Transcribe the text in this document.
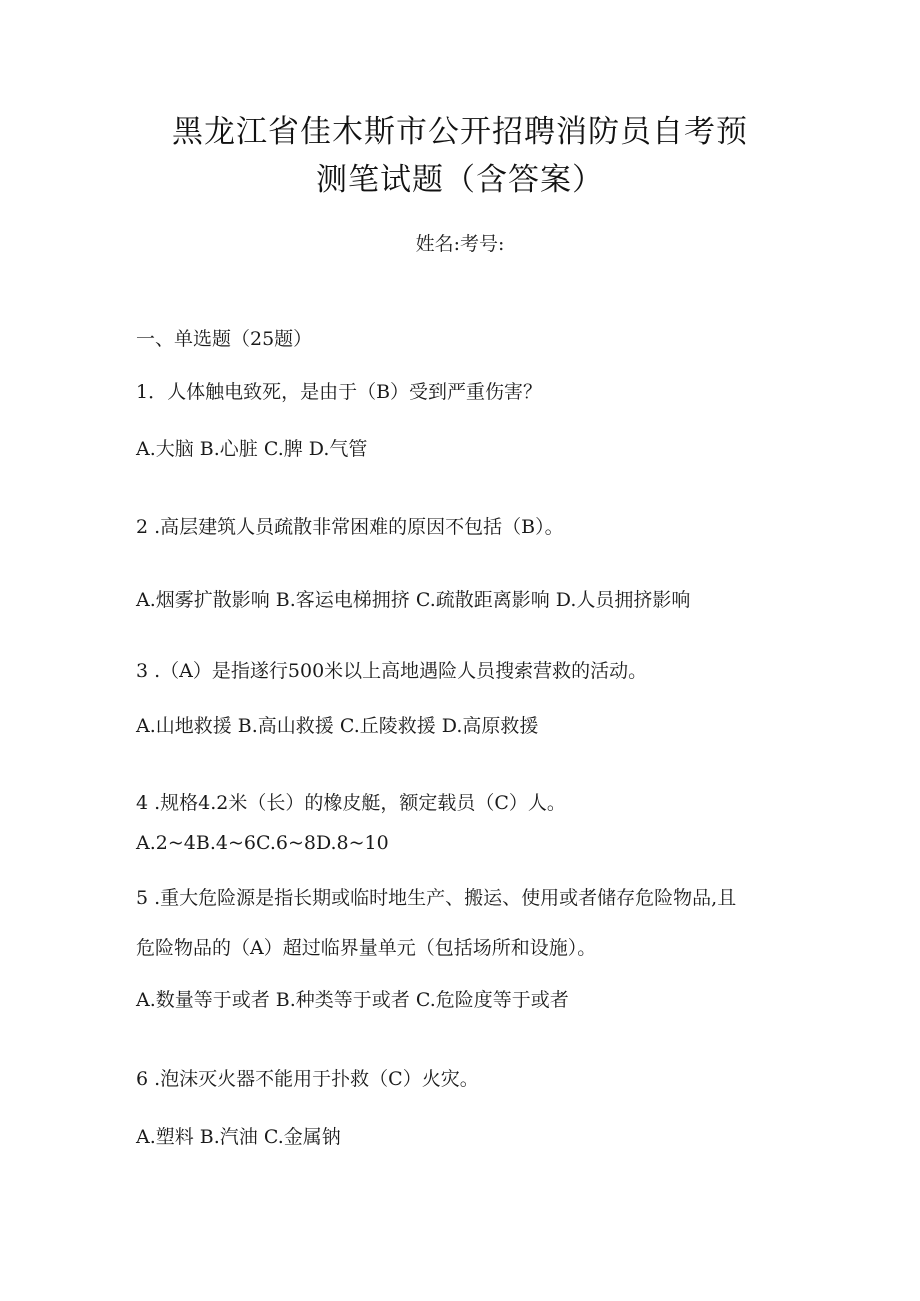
黑龙江省佳木斯市公开招聘消防员自考预
测笔试题（含答案）
姓名:考号:
一、单选题（25题）
1．人体触电致死，是由于（B）受到严重伤害？
A.大脑 B.心脏 C.脾 D.气管
2 .高层建筑人员疏散非常困难的原因不包括（B）。
A.烟雾扩散影响 B.客运电梯拥挤 C.疏散距离影响 D.人员拥挤影响
3 .（A）是指遂行500米以上高地遇险人员搜索营救的活动。
A.山地救援 B.高山救援 C.丘陵救援 D.高原救援
4 .规格4.2米（长）的橡皮艇，额定载员（C）人。
A.2~4B.4~6C.6~8D.8~10
5 .重大危险源是指长期或临时地生产、搬运、使用或者储存危险物品,且
危险物品的（A）超过临界量单元（包括场所和设施）。
A.数量等于或者 B.种类等于或者 C.危险度等于或者
6 .泡沫灭火器不能用于扑救（C）火灾。
A.塑料 B.汽油 C.金属钠
